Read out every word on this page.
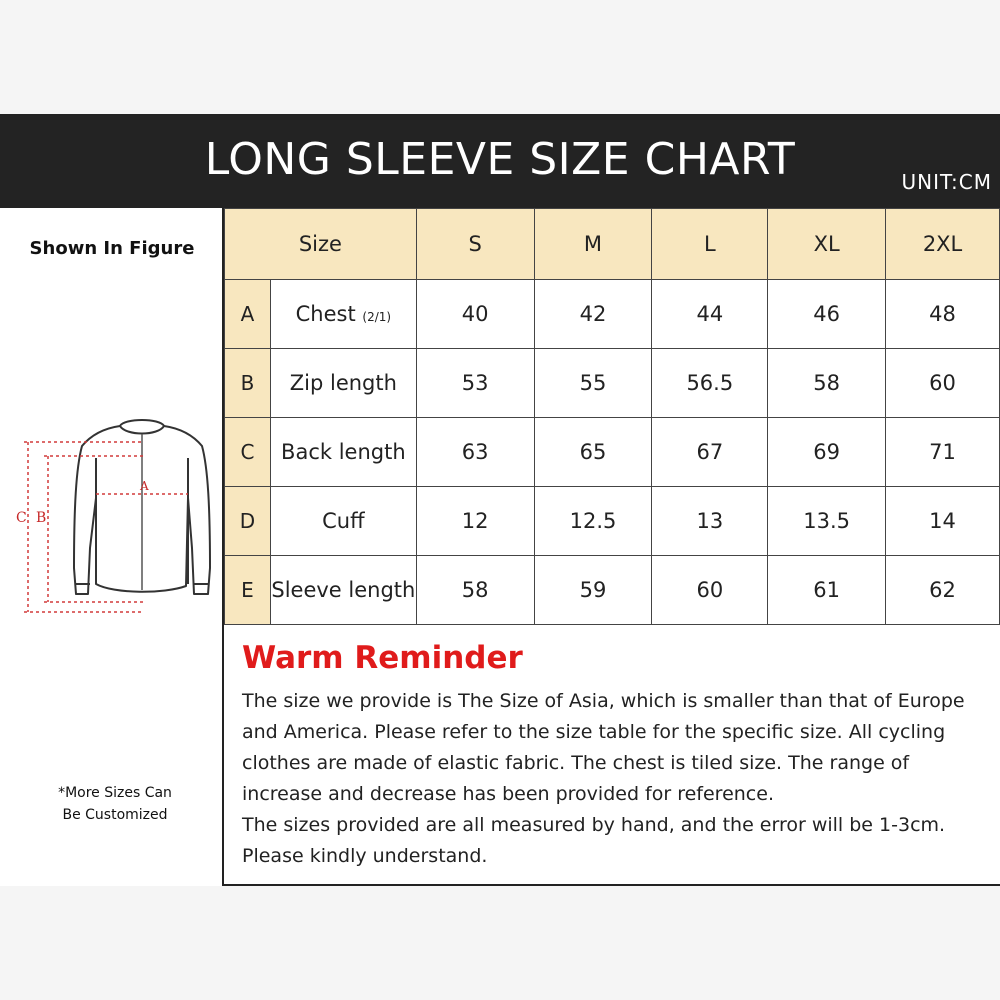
LONG SLEEVE SIZE CHART	UNIT:CM
Shown In Figure
C B
A
*More Sizes Can
Be Customized
Size		S	M	L	XL	2XL
A	Chest (2/1)	40	42	44	46	48
B	Zip length	53	55	56.5	58	60
C	Back length	63	65	67	69	71
D	Cuff	12	12.5	13	13.5	14
E	Sleeve length	58	59	60	61	62
Warm Reminder

The size we provide is The Size of Asia, which is smaller than that of Europe and America. Please refer to the size table for the specific size. All cycling clothes are made of elastic fabric. The chest is tiled size. The range of increase and decrease has been provided for reference.

The sizes provided are all measured by hand, and the error will be 1-3cm. Please kindly understand.
